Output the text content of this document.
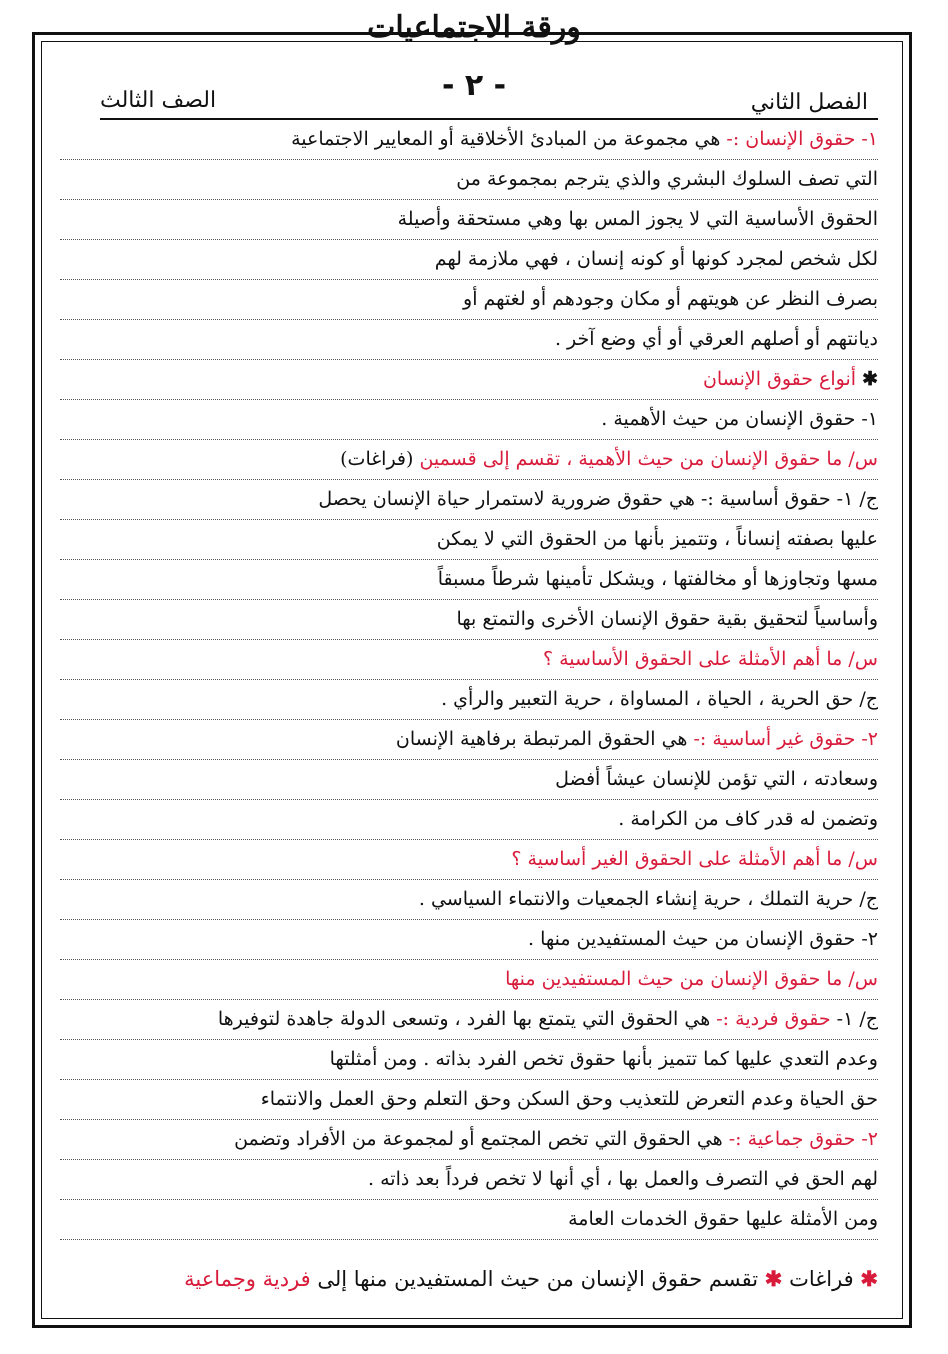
ورقة الاجتماعيات
- ٢ -
الصف الثالث	الفصل الثاني
١- حقوق الإنسان :- هي مجموعة من المبادئ الأخلاقية أو المعايير الاجتماعية
التي تصف السلوك البشري والذي يترجم بمجموعة من
الحقوق الأساسية التي لا يجوز المس بها وهي مستحقة وأصيلة
لكل شخص لمجرد كونها أو كونه إنسان ، فهي ملازمة لهم
بصرف النظر عن هويتهم أو مكان وجودهم أو لغتهم أو
ديانتهم أو أصلهم العرقي أو أي وضع آخر .
✱ أنواع حقوق الإنسان
١- حقوق الإنسان من حيث الأهمية .
س/ ما حقوق الإنسان من حيث الأهمية ، تقسم إلى قسمين (فراغات)
ج/ ١- حقوق أساسية :- هي حقوق ضرورية لاستمرار حياة الإنسان يحصل
عليها بصفته إنساناً ، وتتميز بأنها من الحقوق التي لا يمكن
مسها وتجاوزها أو مخالفتها ، ويشكل تأمينها شرطاً مسبقاً
وأساسياً لتحقيق بقية حقوق الإنسان الأخرى والتمتع بها
س/ ما أهم الأمثلة على الحقوق الأساسية ؟
ج/ حق الحرية ، الحياة ، المساواة ، حرية التعبير والرأي .
٢- حقوق غير أساسية :- هي الحقوق المرتبطة برفاهية الإنسان
وسعادته ، التي تؤمن للإنسان عيشاً أفضل
وتضمن له قدر كاف من الكرامة .
س/ ما أهم الأمثلة على الحقوق الغير أساسية ؟
ج/ حرية التملك ، حرية إنشاء الجمعيات والانتماء السياسي .
٢- حقوق الإنسان من حيث المستفيدين منها .
س/ ما حقوق الإنسان من حيث المستفيدين منها
ج/ ١- حقوق فردية :- هي الحقوق التي يتمتع بها الفرد ، وتسعى الدولة جاهدة لتوفيرها
وعدم التعدي عليها كما تتميز بأنها حقوق تخص الفرد بذاته . ومن أمثلتها
حق الحياة وعدم التعرض للتعذيب وحق السكن وحق التعلم وحق العمل والانتماء
٢- حقوق جماعية :- هي الحقوق التي تخص المجتمع أو لمجموعة من الأفراد وتضمن
لهم الحق في التصرف والعمل بها ، أي أنها لا تخص فرداً بعد ذاته .
ومن الأمثلة عليها حقوق الخدمات العامة
✱ فراغات ✱ تقسم حقوق الإنسان من حيث المستفيدين منها إلى فردية وجماعية
